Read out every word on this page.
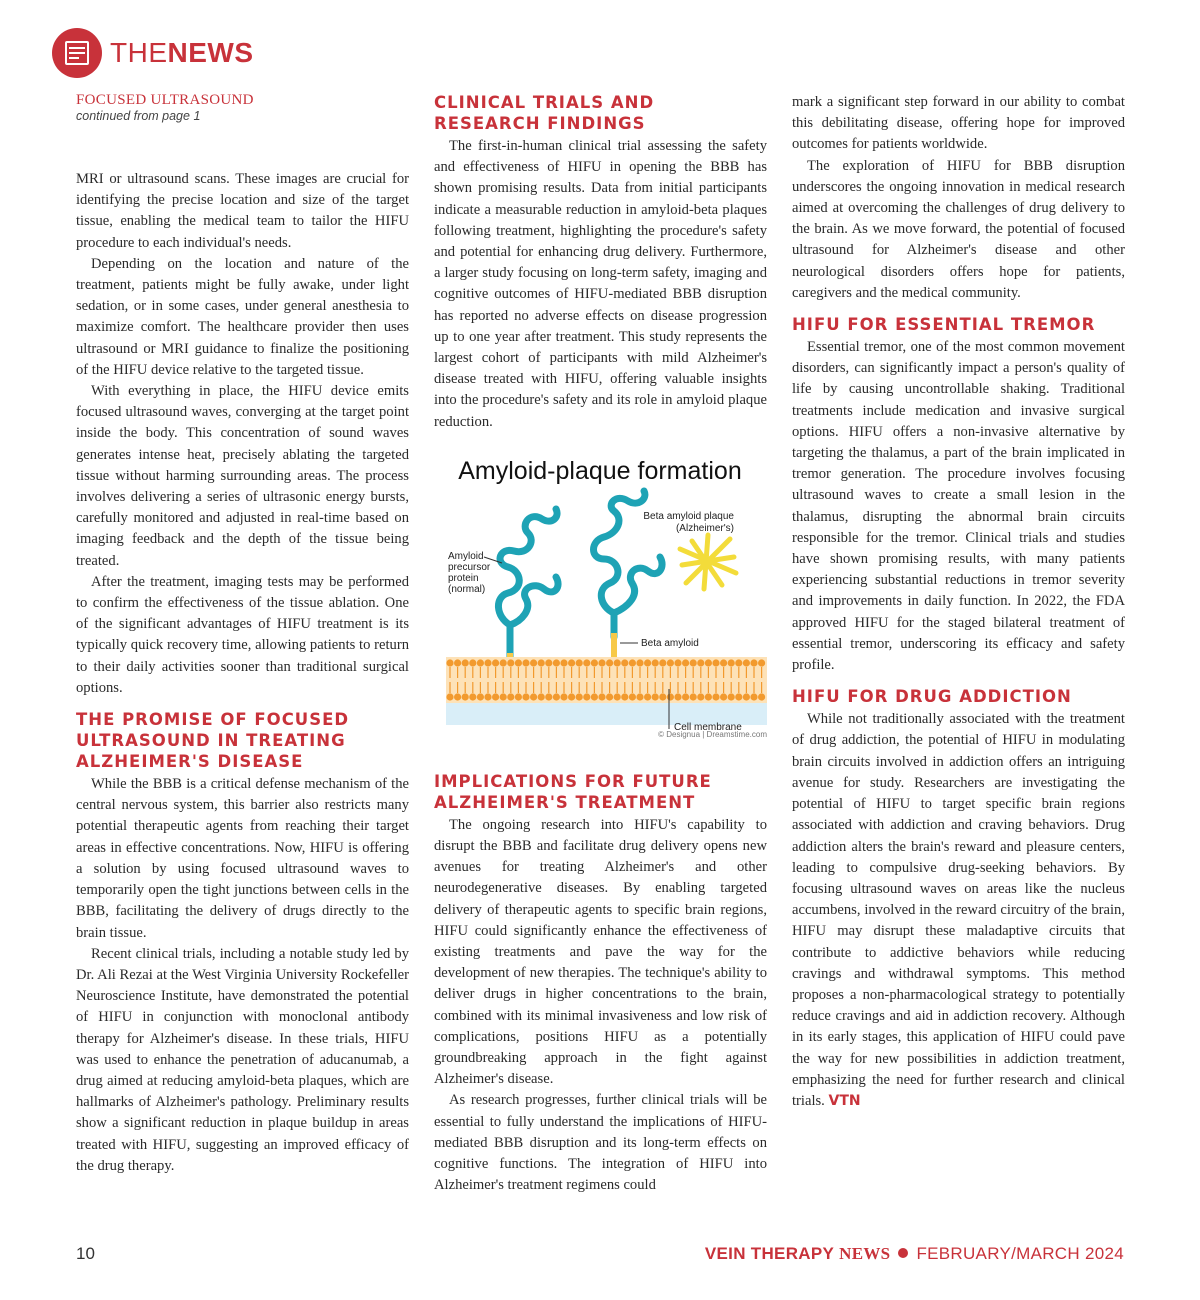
THENEWS
FOCUSED ULTRASOUND
continued from page 1

MRI or ultrasound scans. These images are crucial for identifying the precise location and size of the target tissue, enabling the medical team to tailor the HIFU procedure to each individual's needs.

Depending on the location and nature of the treatment, patients might be fully awake, under light sedation, or in some cases, under general anesthesia to maximize comfort. The healthcare provider then uses ultrasound or MRI guidance to finalize the positioning of the HIFU device relative to the targeted tissue.

With everything in place, the HIFU device emits focused ultrasound waves, converging at the target point inside the body. This concentration of sound waves generates intense heat, precisely ablating the targeted tissue without harming surrounding areas. The process involves delivering a series of ultrasonic energy bursts, carefully monitored and adjusted in real-time based on imaging feedback and the depth of the tissue being treated.

After the treatment, imaging tests may be performed to confirm the effectiveness of the tissue ablation. One of the significant advantages of HIFU treatment is its typically quick recovery time, allowing patients to return to their daily activities sooner than traditional surgical options.

THE PROMISE OF FOCUSED ULTRASOUND IN TREATING ALZHEIMER'S DISEASE

While the BBB is a critical defense mechanism of the central nervous system, this barrier also restricts many potential therapeutic agents from reaching their target areas in effective concentrations. Now, HIFU is offering a solution by using focused ultrasound waves to temporarily open the tight junctions between cells in the BBB, facilitating the delivery of drugs directly to the brain tissue.

Recent clinical trials, including a notable study led by Dr. Ali Rezai at the West Virginia University Rockefeller Neuroscience Institute, have demonstrated the potential of HIFU in conjunction with monoclonal antibody therapy for Alzheimer's disease. In these trials, HIFU was used to enhance the penetration of aducanumab, a drug aimed at reducing amyloid-beta plaques, which are hallmarks of Alzheimer's pathology. Preliminary results show a significant reduction in plaque buildup in areas treated with HIFU, suggesting an improved efficacy of the drug therapy.

CLINICAL TRIALS AND RESEARCH FINDINGS

The first-in-human clinical trial assessing the safety and effectiveness of HIFU in opening the BBB has shown promising results. Data from initial participants indicate a measurable reduction in amyloid-beta plaques following treatment, highlighting the procedure's safety and potential for enhancing drug delivery. Furthermore, a larger study focusing on long-term safety, imaging and cognitive outcomes of HIFU-mediated BBB disruption has reported no adverse effects on disease progression up to one year after treatment. This study represents the largest cohort of participants with mild Alzheimer's disease treated with HIFU, offering valuable insights into the procedure's safety and its role in amyloid plaque reduction.

Amyloid-plaque formation
Beta amyloid plaque
(Alzheimer's)
Beta amyloid
Amyloid
precursor
protein
(normal)
Cell membrane
© Designua | Dreamstime.com
IMPLICATIONS FOR FUTURE ALZHEIMER'S TREATMENT

The ongoing research into HIFU's capability to disrupt the BBB and facilitate drug delivery opens new avenues for treating Alzheimer's and other neurodegenerative diseases. By enabling targeted delivery of therapeutic agents to specific brain regions, HIFU could significantly enhance the effectiveness of existing treatments and pave the way for the development of new therapies. The technique's ability to deliver drugs in higher concentrations to the brain, combined with its minimal invasiveness and low risk of complications, positions HIFU as a potentially groundbreaking approach in the fight against Alzheimer's disease.

As research progresses, further clinical trials will be essential to fully understand the implications of HIFU-mediated BBB disruption and its long-term effects on cognitive functions. The integration of HIFU into Alzheimer's treatment regimens could

mark a significant step forward in our ability to combat this debilitating disease, offering hope for improved outcomes for patients worldwide.

The exploration of HIFU for BBB disruption underscores the ongoing innovation in medical research aimed at overcoming the challenges of drug delivery to the brain. As we move forward, the potential of focused ultrasound for Alzheimer's disease and other neurological disorders offers hope for patients, caregivers and the medical community.

HIFU FOR ESSENTIAL TREMOR

Essential tremor, one of the most common movement disorders, can significantly impact a person's quality of life by causing uncontrollable shaking. Traditional treatments include medication and invasive surgical options. HIFU offers a non-invasive alternative by targeting the thalamus, a part of the brain implicated in tremor generation. The procedure involves focusing ultrasound waves to create a small lesion in the thalamus, disrupting the abnormal brain circuits responsible for the tremor. Clinical trials and studies have shown promising results, with many patients experiencing substantial reductions in tremor severity and improvements in daily function. In 2022, the FDA approved HIFU for the staged bilateral treatment of essential tremor, underscoring its efficacy and safety profile.

HIFU FOR DRUG ADDICTION

While not traditionally associated with the treatment of drug addiction, the potential of HIFU in modulating brain circuits involved in addiction offers an intriguing avenue for study. Researchers are investigating the potential of HIFU to target specific brain regions associated with addiction and craving behaviors. Drug addiction alters the brain's reward and pleasure centers, leading to compulsive drug-seeking behaviors. By focusing ultrasound waves on areas like the nucleus accumbens, involved in the reward circuitry of the brain, HIFU may disrupt these maladaptive circuits that contribute to addictive behaviors while reducing cravings and withdrawal symptoms. This method proposes a non-pharmacological strategy to potentially reduce cravings and aid in addiction recovery. Although in its early stages, this application of HIFU could pave the way for new possibilities in addiction treatment, emphasizing the need for further research and clinical trials. VTN

10	VEIN THERAPY NEWS FEBRUARY/MARCH 2024
